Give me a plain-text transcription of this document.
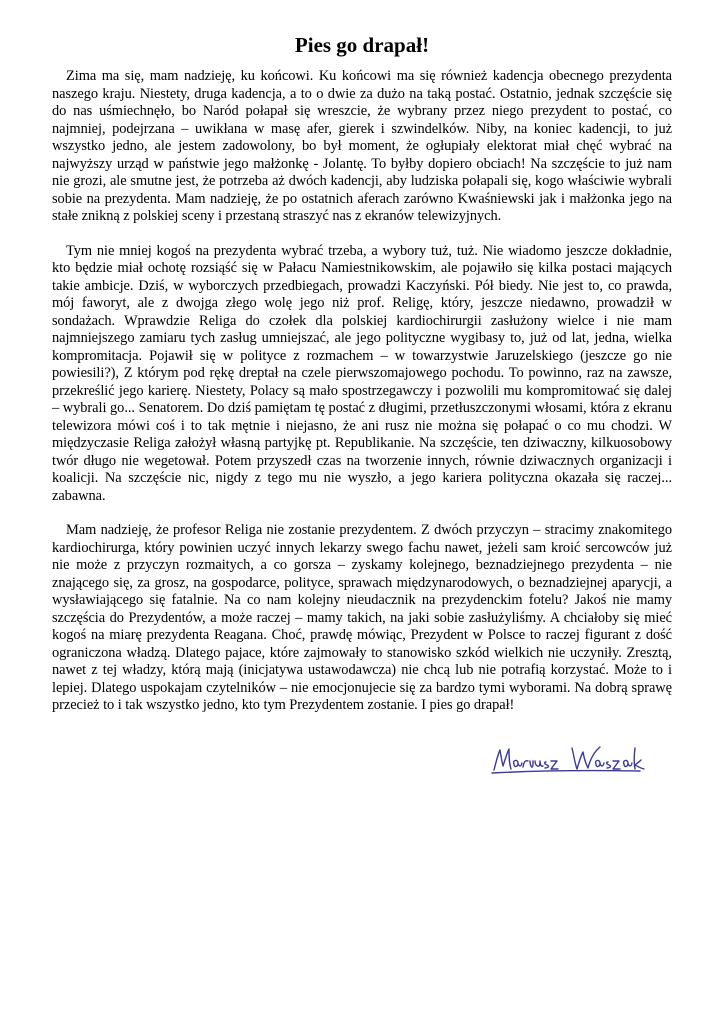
Pies go drapał!

Zima ma się, mam nadzieję, ku końcowi. Ku końcowi ma się również kadencja obecnego prezydenta naszego kraju. Niestety, druga kadencja, a to o dwie za dużo na taką postać. Ostatnio, jednak szczęście się do nas uśmiechnęło, bo Naród połapał się wreszcie, że wybrany przez niego prezydent to postać, co najmniej, podejrzana – uwikłana w masę afer, gierek i szwindelków. Niby, na koniec kadencji, to już wszystko jedno, ale jestem zadowolony, bo był moment, że ogłupiały elektorat miał chęć wybrać na najwyższy urząd w państwie jego małżonkę - Jolantę. To byłby dopiero obciach! Na szczęście to już nam nie grozi, ale smutne jest, że potrzeba aż dwóch kadencji, aby ludziska połapali się, kogo właściwie wybrali sobie na prezydenta. Mam nadzieję, że po ostatnich aferach zarówno Kwaśniewski jak i małżonka jego na stałe znikną z polskiej sceny i przestaną straszyć nas z ekranów telewizyjnych.

Tym nie mniej kogoś na prezydenta wybrać trzeba, a wybory tuż, tuż. Nie wiadomo jeszcze dokładnie, kto będzie miał ochotę rozsiąść się w Pałacu Namiestnikowskim, ale pojawiło się kilka postaci mających takie ambicje. Dziś, w wyborczych przedbiegach, prowadzi Kaczyński. Pół biedy. Nie jest to, co prawda, mój faworyt, ale z dwojga złego wolę jego niż prof. Religę, który, jeszcze niedawno, prowadził w sondażach. Wprawdzie Religa do czołek dla polskiej kardiochirurgii zasłużony wielce i nie mam najmniejszego zamiaru tych zasług umniejszać, ale jego polityczne wygibasy to, już od lat, jedna, wielka kompromitacja. Pojawił się w polityce z rozmachem – w towarzystwie Jaruzelskiego (jeszcze go nie powiesili?), Z którym pod rękę dreptał na czele pierwszomajowego pochodu. To powinno, raz na zawsze, przekreślić jego karierę. Niestety, Polacy są mało spostrzegawczy i pozwolili mu kompromitować się dalej – wybrali go... Senatorem. Do dziś pamiętam tę postać z długimi, przetłuszczonymi włosami, która z ekranu telewizora mówi coś i to tak mętnie i niejasno, że ani rusz nie można się połapać o co mu chodzi. W międzyczasie Religa założył własną partyjkę pt. Republikanie. Na szczęście, ten dziwaczny, kilkuosobowy twór długo nie wegetował. Potem przyszedł czas na tworzenie innych, równie dziwacznych organizacji i koalicji. Na szczęście nic, nigdy z tego mu nie wyszło, a jego kariera polityczna okazała się raczej... zabawna.

Mam nadzieję, że profesor Religa nie zostanie prezydentem. Z dwóch przyczyn – stracimy znakomitego kardiochirurga, który powinien uczyć innych lekarzy swego fachu nawet, jeżeli sam kroić sercowców już nie może z przyczyn rozmaitych, a co gorsza – zyskamy kolejnego, beznadziejnego prezydenta – nie znającego się, za grosz, na gospodarce, polityce, sprawach międzynarodowych, o beznadziejnej aparycji, a wysławiającego się fatalnie. Na co nam kolejny nieudacznik na prezydenckim fotelu? Jakoś nie mamy szczęścia do Prezydentów, a może raczej – mamy takich, na jaki sobie zasłużyliśmy. A chciałoby się mieć kogoś na miarę prezydenta Reagana. Choć, prawdę mówiąc, Prezydent w Polsce to raczej figurant z dość ograniczona władzą. Dlatego pajace, które zajmowały to stanowisko szkód wielkich nie uczyniły. Zresztą, nawet z tej władzy, którą mają (inicjatywa ustawodawcza) nie chcą lub nie potrafią korzystać. Może to i lepiej. Dlatego uspokajam czytelników – nie emocjonujecie się za bardzo tymi wyborami. Na dobrą sprawę przecież to i tak wszystko jedno, kto tym Prezydentem zostanie. I pies go drapał!
